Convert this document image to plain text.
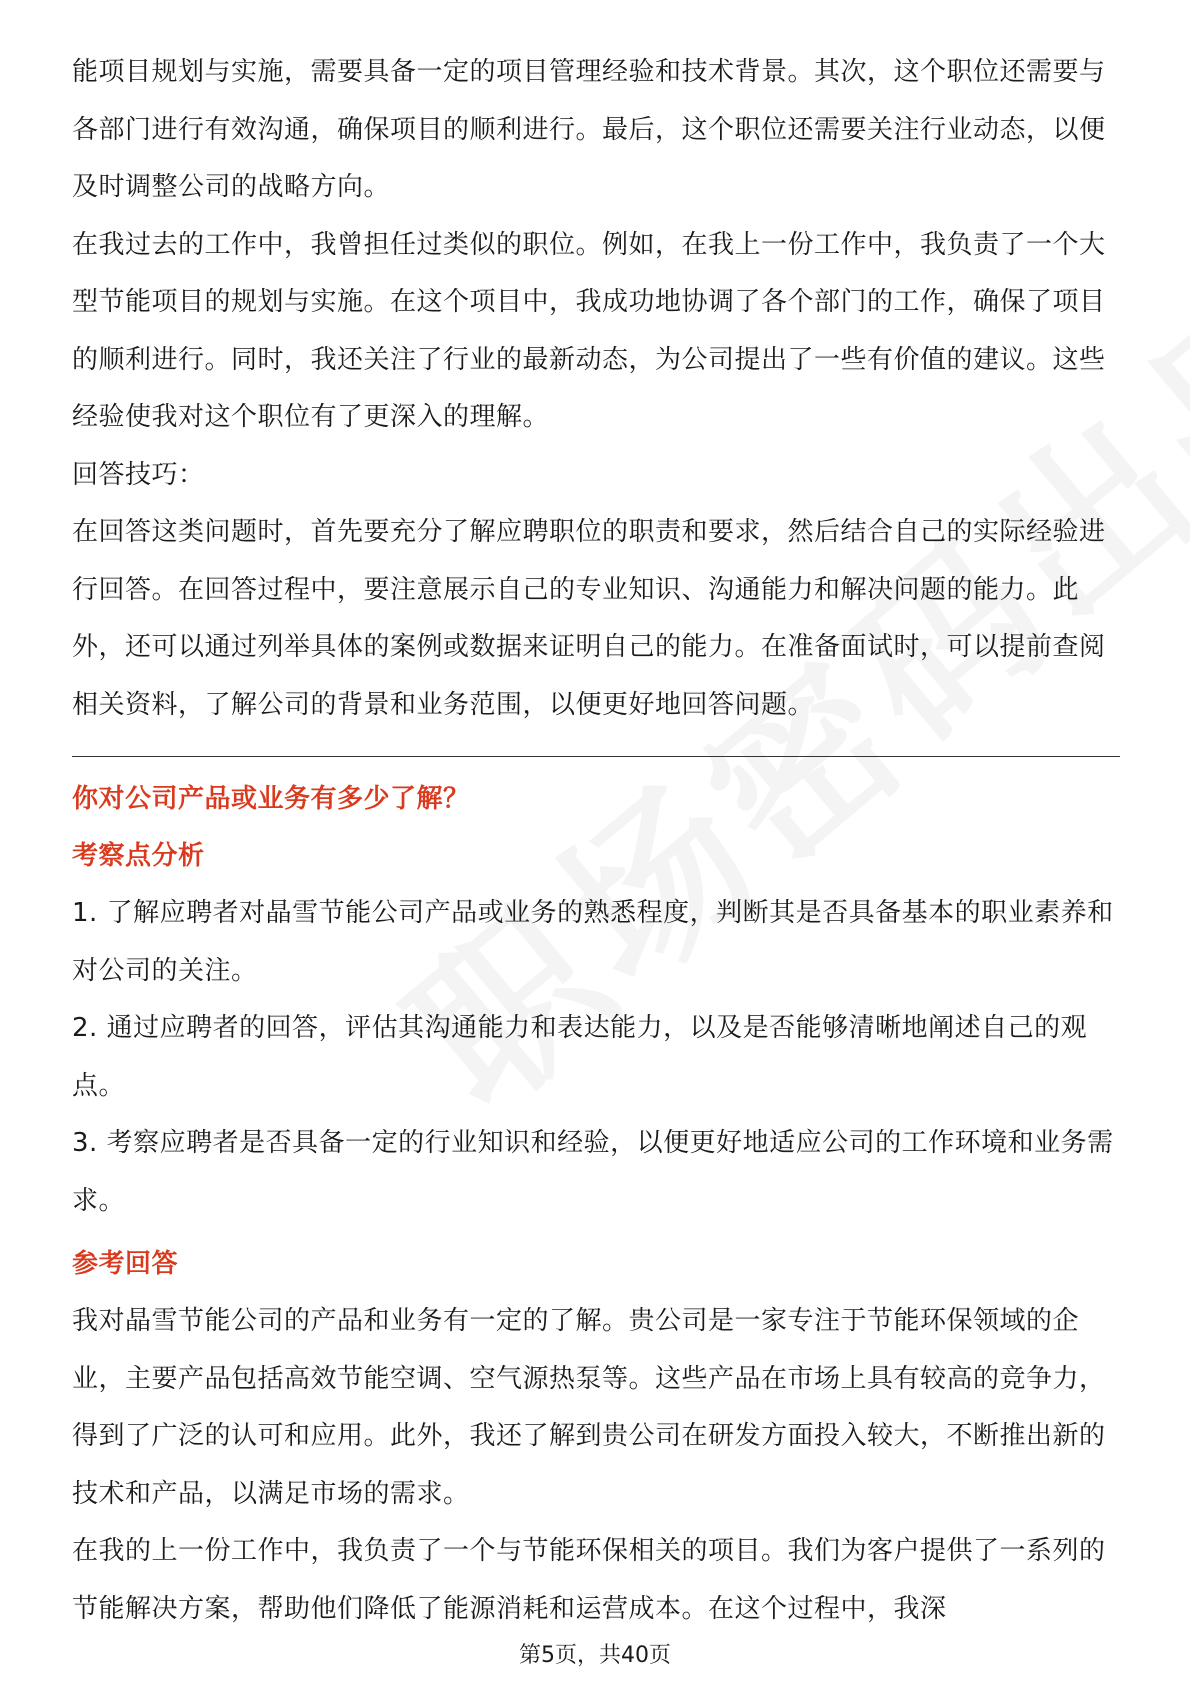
能项目规划与实施，需要具备一定的项目管理经验和技术背景。其次，这个职位还需要与各部门进行有效沟通，确保项目的顺利进行。最后，这个职位还需要关注行业动态，以便及时调整公司的战略方向。

在我过去的工作中，我曾担任过类似的职位。例如，在我上一份工作中，我负责了一个大型节能项目的规划与实施。在这个项目中，我成功地协调了各个部门的工作，确保了项目的顺利进行。同时，我还关注了行业的最新动态，为公司提出了一些有价值的建议。这些经验使我对这个职位有了更深入的理解。

回答技巧：

在回答这类问题时，首先要充分了解应聘职位的职责和要求，然后结合自己的实际经验进行回答。在回答过程中，要注意展示自己的专业知识、沟通能力和解决问题的能力。此外，还可以通过列举具体的案例或数据来证明自己的能力。在准备面试时，可以提前查阅相关资料，了解公司的背景和业务范围，以便更好地回答问题。

你对公司产品或业务有多少了解？

考察点分析

1. 了解应聘者对晶雪节能公司产品或业务的熟悉程度，判断其是否具备基本的职业素养和对公司的关注。

2. 通过应聘者的回答，评估其沟通能力和表达能力，以及是否能够清晰地阐述自己的观点。

3. 考察应聘者是否具备一定的行业知识和经验，以便更好地适应公司的工作环境和业务需求。

参考回答

我对晶雪节能公司的产品和业务有一定的了解。贵公司是一家专注于节能环保领域的企业，主要产品包括高效节能空调、空气源热泵等。这些产品在市场上具有较高的竞争力，得到了广泛的认可和应用。此外，我还了解到贵公司在研发方面投入较大，不断推出新的技术和产品，以满足市场的需求。

在我的上一份工作中，我负责了一个与节能环保相关的项目。我们为客户提供了一系列的节能解决方案，帮助他们降低了能源消耗和运营成本。在这个过程中，我深

第5页，共40页
